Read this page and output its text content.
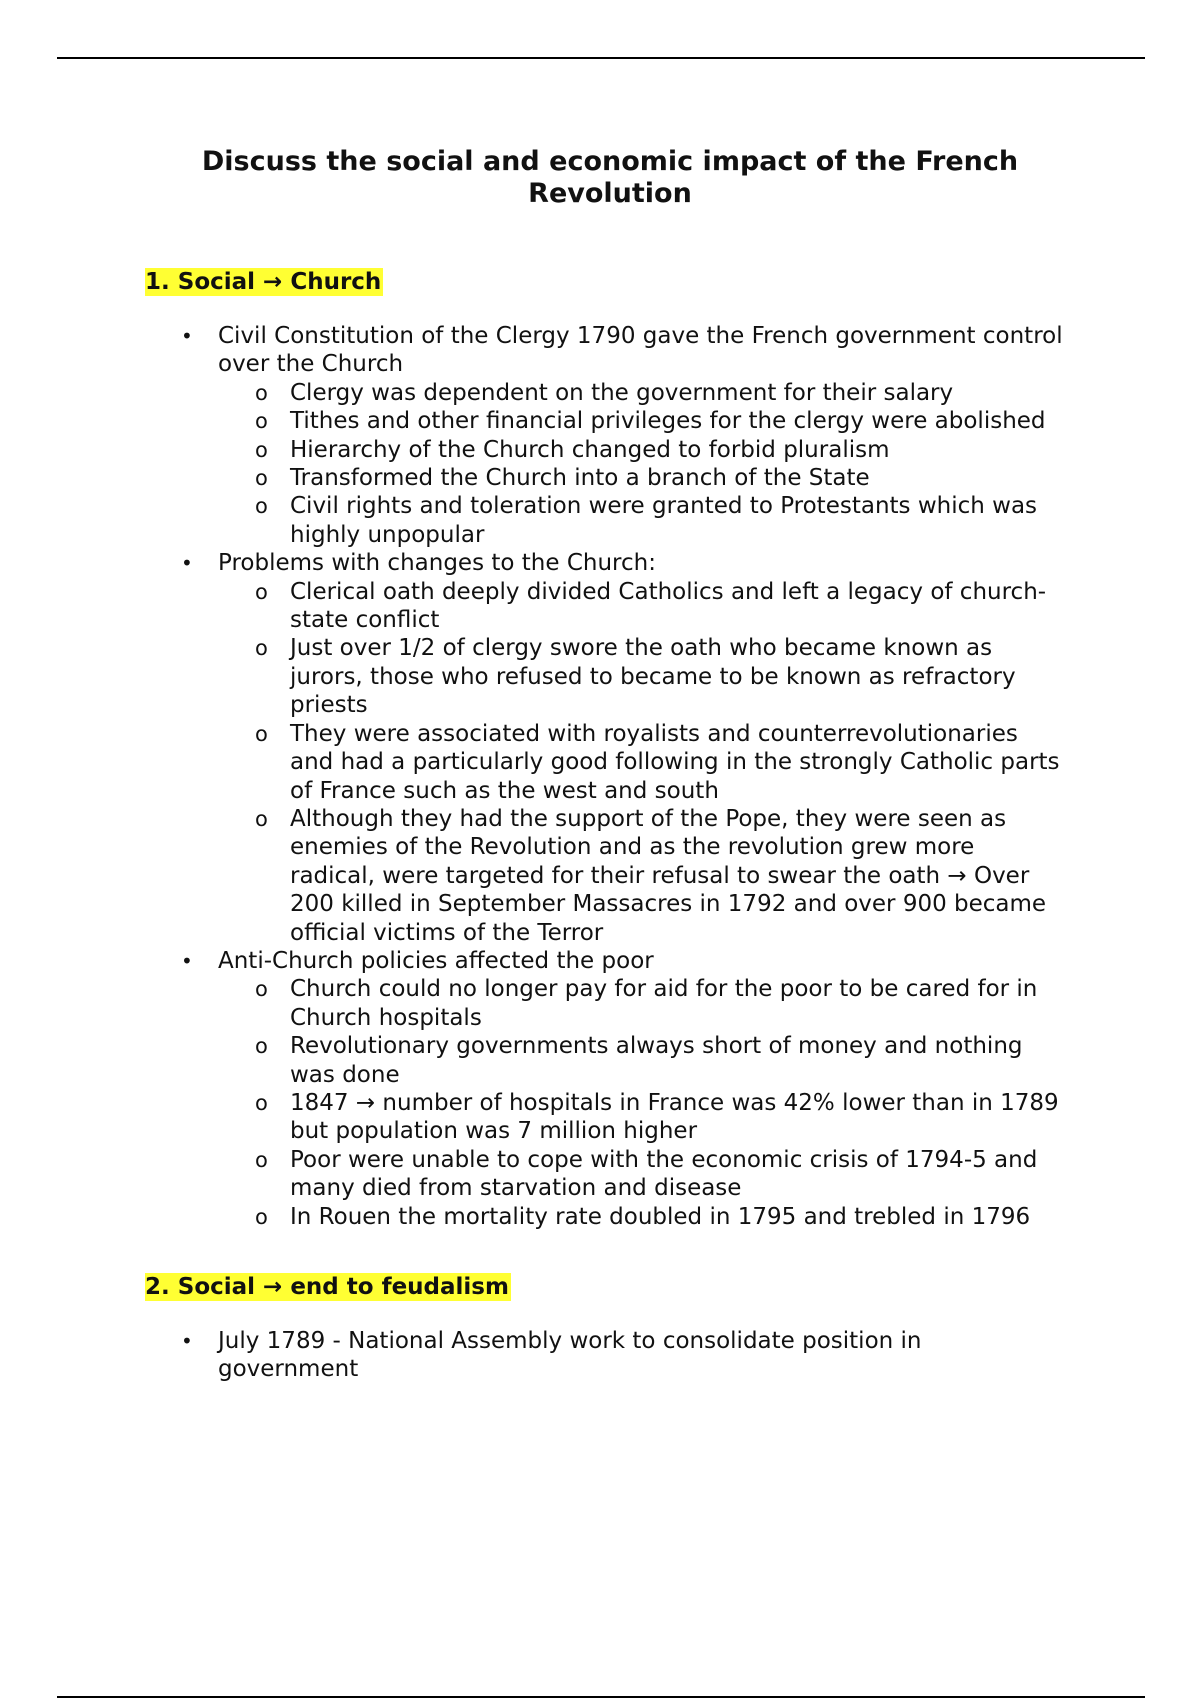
Discuss the social and economic impact of the French
Revolution
1. Social → Church
• Civil Constitution of the Clergy 1790 gave the French government control over the Church
o Clergy was dependent on the government for their salary
o Tithes and other financial privileges for the clergy were abolished
o Hierarchy of the Church changed to forbid pluralism
o Transformed the Church into a branch of the State
o Civil rights and toleration were granted to Protestants which was highly unpopular
• Problems with changes to the Church:
o Clerical oath deeply divided Catholics and left a legacy of church-state conflict
o Just over 1/2 of clergy swore the oath who became known as jurors, those who refused to became to be known as refractory priests
o They were associated with royalists and counterrevolutionaries and had a particularly good following in the strongly Catholic parts of France such as the west and south
o Although they had the support of the Pope, they were seen as enemies of the Revolution and as the revolution grew more radical, were targeted for their refusal to swear the oath → Over 200 killed in September Massacres in 1792 and over 900 became official victims of the Terror
• Anti-Church policies affected the poor
o Church could no longer pay for aid for the poor to be cared for in Church hospitals
o Revolutionary governments always short of money and nothing was done
o 1847 → number of hospitals in France was 42% lower than in 1789 but population was 7 million higher
o Poor were unable to cope with the economic crisis of 1794-5 and many died from starvation and disease
o In Rouen the mortality rate doubled in 1795 and trebled in 1796
2. Social → end to feudalism
• July 1789 - National Assembly work to consolidate position in government
